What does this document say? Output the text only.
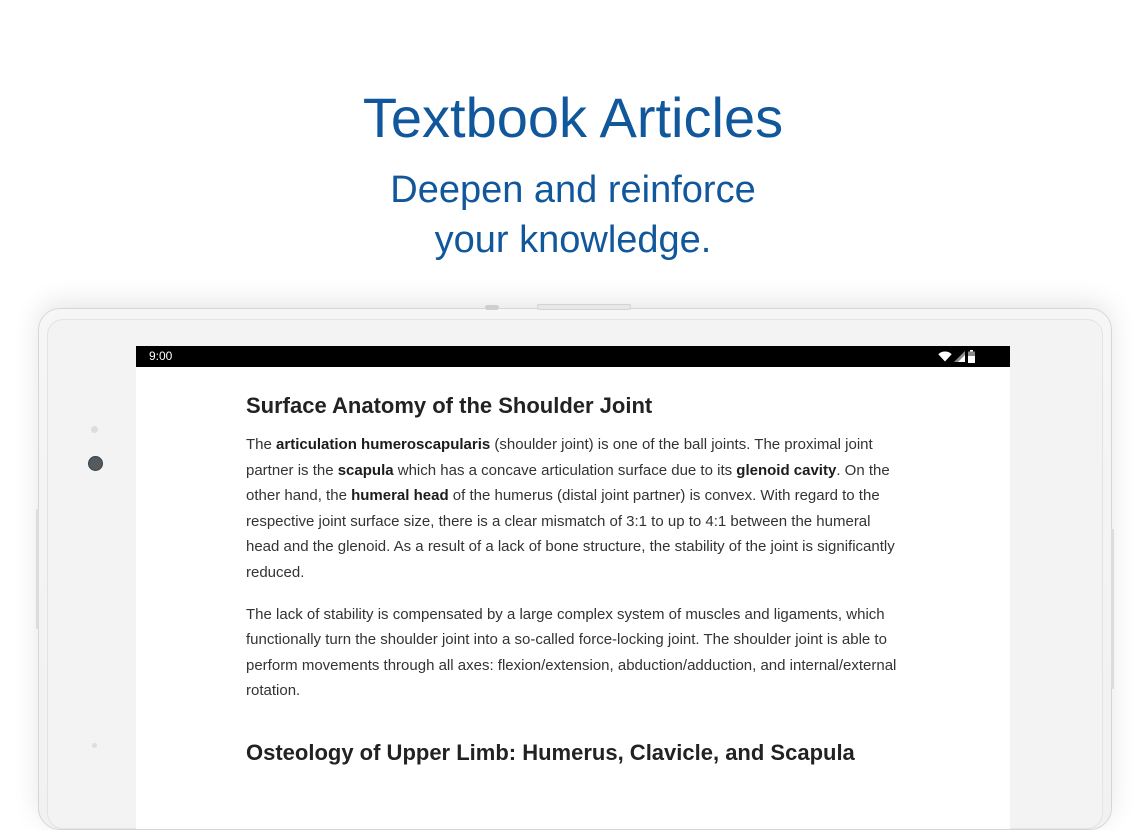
Textbook Articles
Deepen and reinforce
your knowledge.
9:00
Surface Anatomy of the Shoulder Joint

The articulation humeroscapularis (shoulder joint) is one of the ball joints. The proximal joint partner is the scapula which has a concave articulation surface due to its glenoid cavity. On the other hand, the humeral head of the humerus (distal joint partner) is convex. With regard to the respective joint surface size, there is a clear mismatch of 3:1 to up to 4:1 between the humeral head and the glenoid. As a result of a lack of bone structure, the stability of the joint is significantly reduced.

The lack of stability is compensated by a large complex system of muscles and ligaments, which functionally turn the shoulder joint into a so-called force-locking joint. The shoulder joint is able to perform movements through all axes: flexion/extension, abduction/adduction, and internal/external rotation.

Osteology of Upper Limb: Humerus, Clavicle, and Scapula
